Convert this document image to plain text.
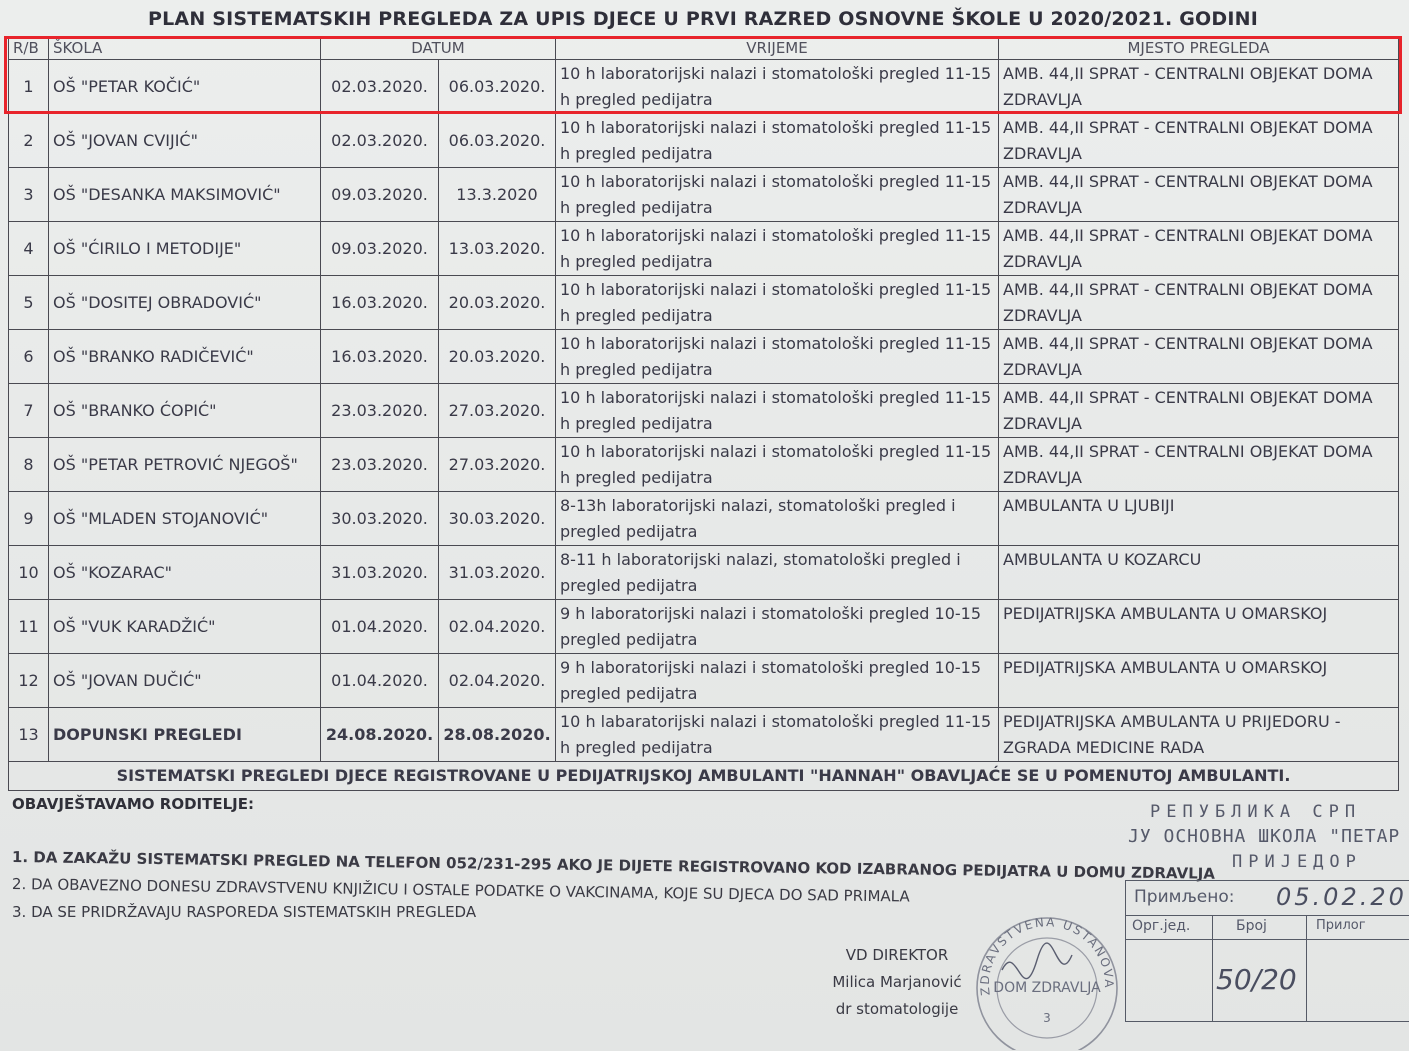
PLAN SISTEMATSKIH PREGLEDA ZA UPIS DJECE U PRVI RAZRED OSNOVNE ŠKOLE U 2020/2021. GODINI
R/B	ŠKOLA	DATUM		VRIJEME	MJESTO PREGLEDA
1	OŠ "PETAR KOČIĆ"	02.03.2020.	06.03.2020.	10 h laboratorijski nalazi i stomatološki pregled 11-15 h pregled pedijatra	AMB. 44,II SPRAT - CENTRALNI OBJEKAT DOMA ZDRAVLJA
2	OŠ "JOVAN CVIJIĆ"	02.03.2020.	06.03.2020.	10 h laboratorijski nalazi i stomatološki pregled 11-15 h pregled pedijatra	AMB. 44,II SPRAT - CENTRALNI OBJEKAT DOMA ZDRAVLJA
3	OŠ "DESANKA MAKSIMOVIĆ"	09.03.2020.	13.3.2020	10 h laboratorijski nalazi i stomatološki pregled 11-15 h pregled pedijatra	AMB. 44,II SPRAT - CENTRALNI OBJEKAT DOMA ZDRAVLJA
4	OŠ "ĆIRILO I METODIJE"	09.03.2020.	13.03.2020.	10 h laboratorijski nalazi i stomatološki pregled 11-15 h pregled pedijatra	AMB. 44,II SPRAT - CENTRALNI OBJEKAT DOMA ZDRAVLJA
5	OŠ "DOSITEJ OBRADOVIĆ"	16.03.2020.	20.03.2020.	10 h laboratorijski nalazi i stomatološki pregled 11-15 h pregled pedijatra	AMB. 44,II SPRAT - CENTRALNI OBJEKAT DOMA ZDRAVLJA
6	OŠ "BRANKO RADIČEVIĆ"	16.03.2020.	20.03.2020.	10 h laboratorijski nalazi i stomatološki pregled 11-15 h pregled pedijatra	AMB. 44,II SPRAT - CENTRALNI OBJEKAT DOMA ZDRAVLJA
7	OŠ "BRANKO ĆOPIĆ"	23.03.2020.	27.03.2020.	10 h laboratorijski nalazi i stomatološki pregled 11-15 h pregled pedijatra	AMB. 44,II SPRAT - CENTRALNI OBJEKAT DOMA ZDRAVLJA
8	OŠ "PETAR PETROVIĆ NJEGOŠ"	23.03.2020.	27.03.2020.	10 h laboratorijski nalazi i stomatološki pregled 11-15 h pregled pedijatra	AMB. 44,II SPRAT - CENTRALNI OBJEKAT DOMA ZDRAVLJA
9	OŠ "MLADEN STOJANOVIĆ"	30.03.2020.	30.03.2020.	8-13h laboratorijski nalazi, stomatološki pregled i pregled pedijatra	AMBULANTA U LJUBIJI
10	OŠ "KOZARAC"	31.03.2020.	31.03.2020.	8-11 h laboratorijski nalazi, stomatološki pregled i pregled pedijatra	AMBULANTA U KOZARCU
11	OŠ "VUK KARADŽIĆ"	01.04.2020.	02.04.2020.	9 h laboratorijski nalazi i stomatološki pregled 10-15 pregled pedijatra	PEDIJATRIJSKA AMBULANTA U OMARSKOJ
12	OŠ "JOVAN DUČIĆ"	01.04.2020.	02.04.2020.	9 h laboratorijski nalazi i stomatološki pregled 10-15 pregled pedijatra	PEDIJATRIJSKA AMBULANTA U OMARSKOJ
13	DOPUNSKI PREGLEDI	24.08.2020.	28.08.2020.	10 h labaratorijski nalazi i stomatološki pregled 11-15 h pregled pedijatra	PEDIJATRIJSKA AMBULANTA U PRIJEDORU - ZGRADA MEDICINE RADA
SISTEMATSKI PREGLEDI DJECE REGISTROVANE U PEDIJATRIJSKOJ AMBULANTI "HANNAH" OBAVLJAĆE SE U POMENUTOJ AMBULANTI.					
OBAVJEŠTAVAMO RODITELJE:
1. DA ZAKAŽU SISTEMATSKI PREGLED NA TELEFON 052/231-295 AKO JE DIJETE REGISTROVANO KOD IZABRANOG PEDIJATRA U DOMU ZDRAVLJA
2. DA OBAVEZNO DONESU ZDRAVSTVENU KNJIŽICU I OSTALE PODATKE O VAKCINAMA, KOJE SU DJECA DO SAD PRIMALA
3. DA SE PRIDRŽAVAJU RASPOREDA SISTEMATSKIH PREGLEDA
РЕПУБЛИКА СРП
ЈУ ОСНОВНА ШКОЛА "ПЕТАР
ПРИЈЕДОР
Примљено: 05.02.20
Орг.јед.	Број	Прилог
50/20
VD DIREKTOR
Milica Marjanović
dr stomatologije
ZDRAVSTVENA USTANOVA
DOM ZDRAVLJA
3
